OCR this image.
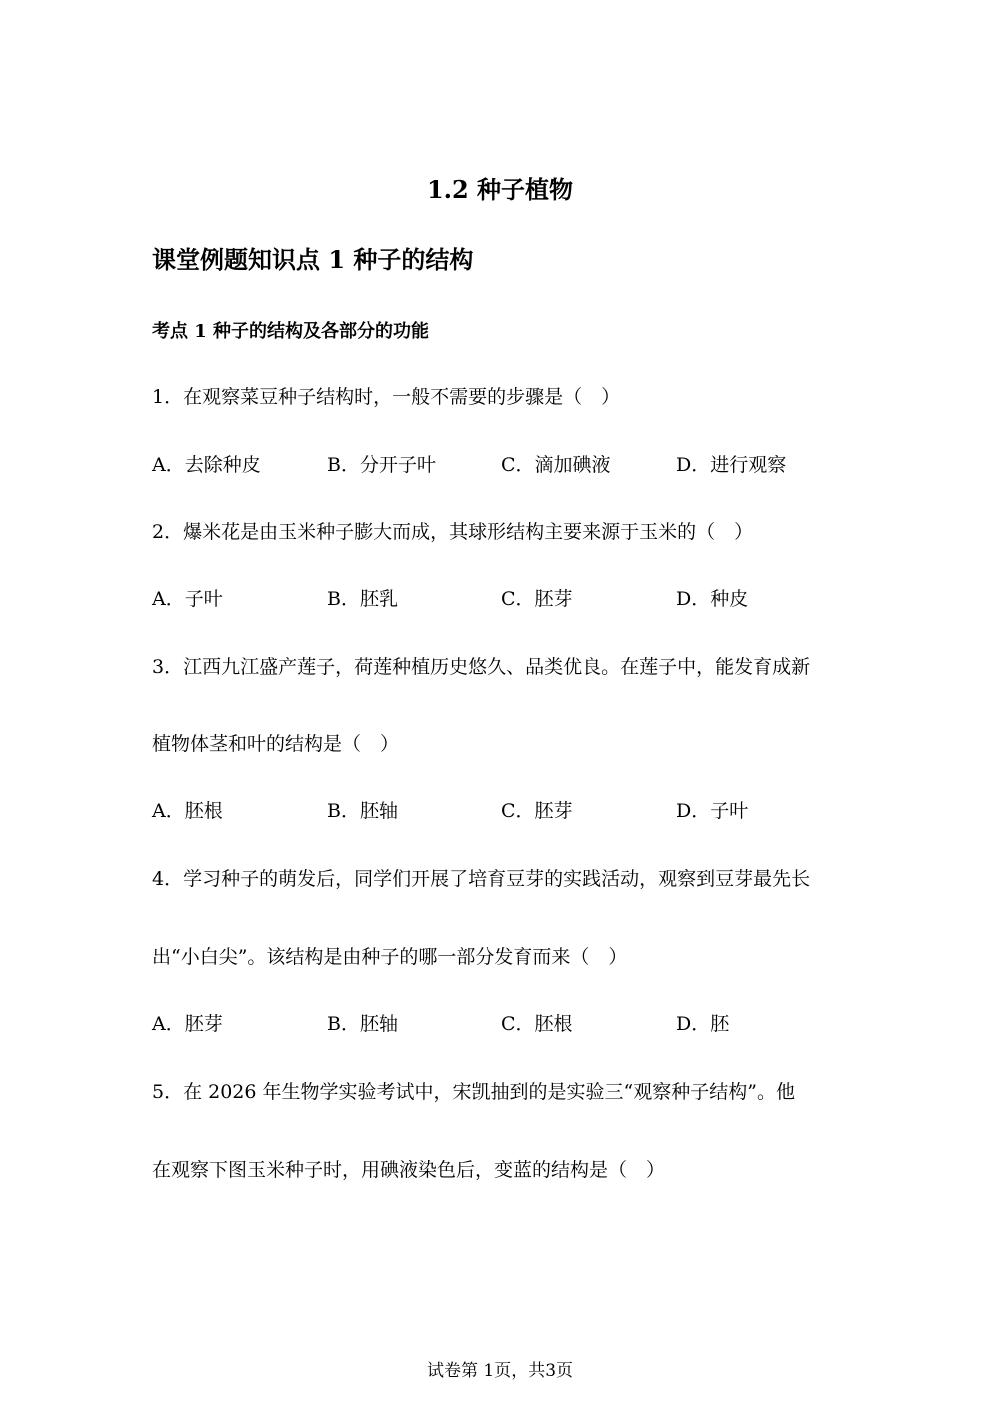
1.2 种子植物
课堂例题知识点 1 种子的结构
考点 1 种子的结构及各部分的功能
1．在观察菜豆种子结构时，一般不需要的步骤是（　）
A．去除种皮	B．分开子叶	C．滴加碘液	D．进行观察
2．爆米花是由玉米种子膨大而成，其球形结构主要来源于玉米的（　）
A．子叶	B．胚乳	C．胚芽	D．种皮
3．江西九江盛产莲子，荷莲种植历史悠久、品类优良。在莲子中，能发育成新
植物体茎和叶的结构是（　）
A．胚根	B．胚轴	C．胚芽	D．子叶
4．学习种子的萌发后，同学们开展了培育豆芽的实践活动，观察到豆芽最先长
出“小白尖”。该结构是由种子的哪一部分发育而来（　）
A．胚芽	B．胚轴	C．胚根	D．胚
5．在 2026 年生物学实验考试中，宋凯抽到的是实验三“观察种子结构”。他
在观察下图玉米种子时，用碘液染色后，变蓝的结构是（　）
试卷第 1页，共3页
